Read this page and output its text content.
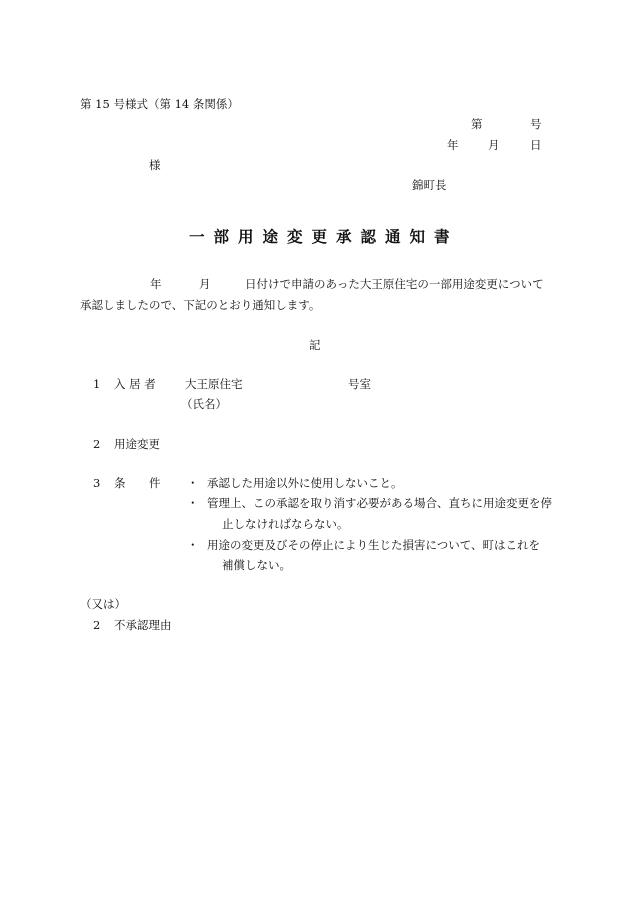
第 15 号様式（第 14 条関係）
第	号
年	月	日
様
錦町長
一部用途変更承認通知書
年	月	日付けで申請のあった大王原住宅の一部用途変更について
承認しましたので、下記のとおり通知します。
記
1 入 居 者	大王原住宅	号室
（氏名）
2 用途変更
3 条 件 ・ 承認した用途以外に使用しないこと。
・ 管理上、この承認を取り消す必要がある場合、直ちに用途変更を停
止しなければならない。
・ 用途の変更及びその停止により生じた損害について、町はこれを
補償しない。
（又は）
2 不承認理由
